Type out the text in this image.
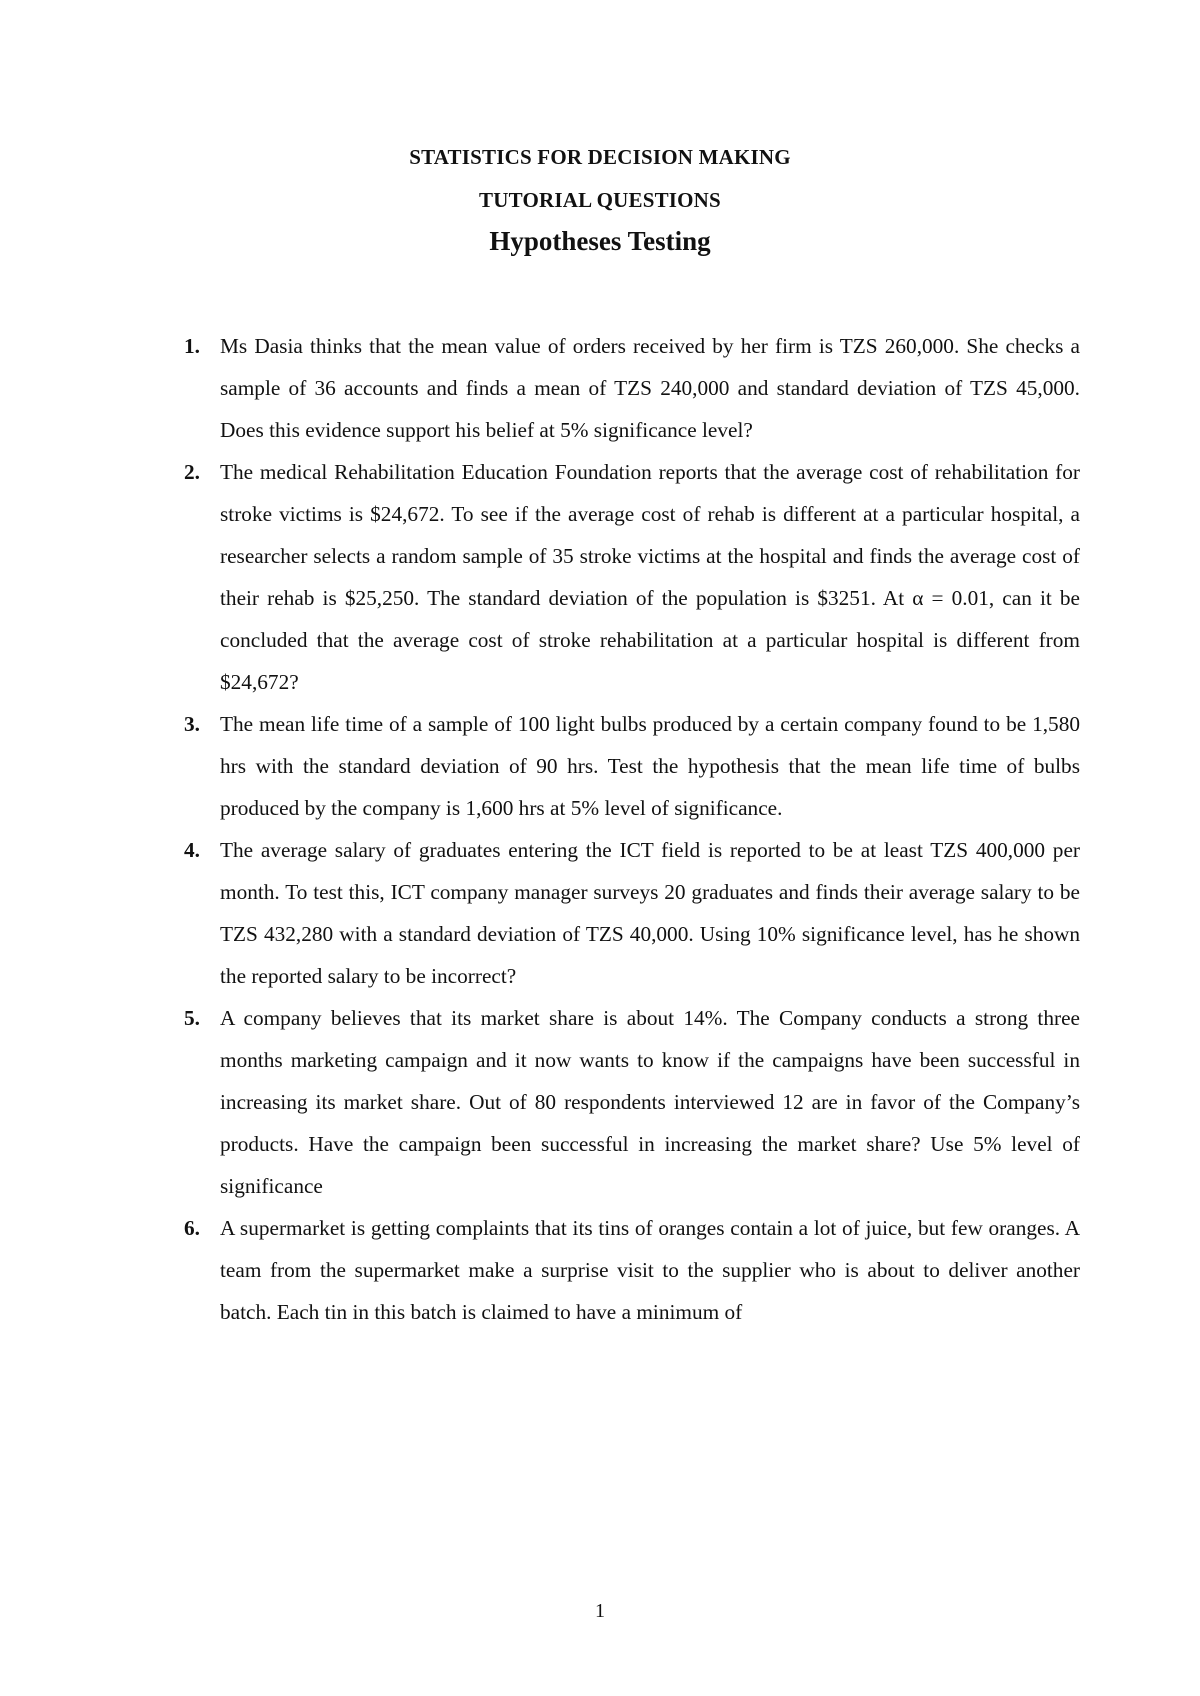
STATISTICS FOR DECISION MAKING
TUTORIAL QUESTIONS
Hypotheses Testing
1. Ms Dasia thinks that the mean value of orders received by her firm is TZS 260,000. She checks a sample of 36 accounts and finds a mean of TZS 240,000 and standard deviation of TZS 45,000. Does this evidence support his belief at 5% significance level?
2. The medical Rehabilitation Education Foundation reports that the average cost of rehabilitation for stroke victims is $24,672. To see if the average cost of rehab is different at a particular hospital, a researcher selects a random sample of 35 stroke victims at the hospital and finds the average cost of their rehab is $25,250. The standard deviation of the population is $3251. At α = 0.01, can it be concluded that the average cost of stroke rehabilitation at a particular hospital is different from $24,672?
3. The mean life time of a sample of 100 light bulbs produced by a certain company found to be 1,580 hrs with the standard deviation of 90 hrs. Test the hypothesis that the mean life time of bulbs produced by the company is 1,600 hrs at 5% level of significance.
4. The average salary of graduates entering the ICT field is reported to be at least TZS 400,000 per month. To test this, ICT company manager surveys 20 graduates and finds their average salary to be TZS 432,280 with a standard deviation of TZS 40,000. Using 10% significance level, has he shown the reported salary to be incorrect?
5. A company believes that its market share is about 14%. The Company conducts a strong three months marketing campaign and it now wants to know if the campaigns have been successful in increasing its market share. Out of 80 respondents interviewed 12 are in favor of the Company’s products. Have the campaign been successful in increasing the market share? Use 5% level of significance
6. A supermarket is getting complaints that its tins of oranges contain a lot of juice, but few oranges. A team from the supermarket make a surprise visit to the supplier who is about to deliver another batch. Each tin in this batch is claimed to have a minimum of
1
